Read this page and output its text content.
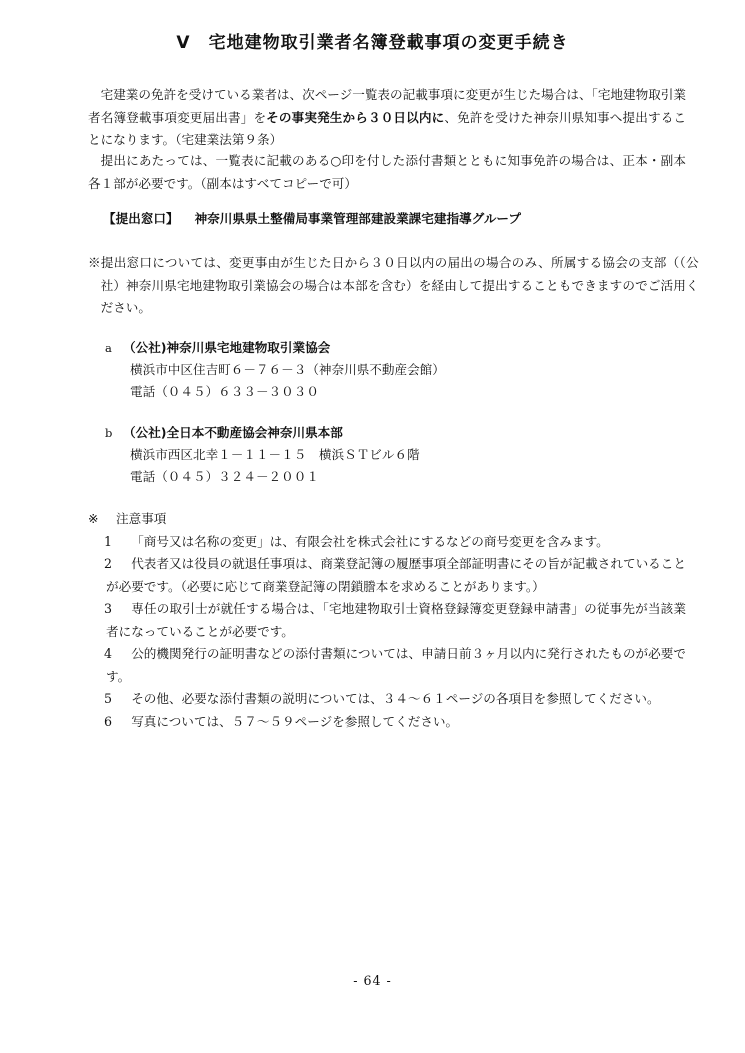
Ⅴ　宅地建物取引業者名簿登載事項の変更手続き

宅建業の免許を受けている業者は、次ページ一覧表の記載事項に変更が生じた場合は、「宅地建物取引業者名簿登載事項変更届出書」をその事実発生から３０日以内に、免許を受けた神奈川県知事へ提出することになります。（宅建業法第９条）

提出にあたっては、一覧表に記載のある○印を付した添付書類とともに知事免許の場合は、正本・副本各１部が必要です。（副本はすべてコピーで可）

【提出窓口】 神奈川県県土整備局事業管理部建設業課宅建指導グループ

※提出窓口については、変更事由が生じた日から３０日以内の届出の場合のみ、所属する協会の支部（（公社）神奈川県宅地建物取引業協会の場合は本部を含む）を経由して提出することもできますのでご活用ください。

a （公社)神奈川県宅地建物取引業協会
横浜市中区住吉町６－７６－３（神奈川県不動産会館）
電話（０４５）６３３－３０３０
b （公社)全日本不動産協会神奈川県本部
横浜市西区北幸１－１１－１５　横浜ＳＴビル６階
電話（０４５）３２４－２００１
※ 注意事項
1	「商号又は名称の変更」は、有限会社を株式会社にするなどの商号変更を含みます。
2	代表者又は役員の就退任事項は、商業登記簿の履歴事項全部証明書にその旨が記載されていることが必要です。（必要に応じて商業登記簿の閉鎖謄本を求めることがあります。）
3	専任の取引士が就任する場合は、「宅地建物取引士資格登録簿変更登録申請書」の従事先が当該業者になっていることが必要です。
4	公的機関発行の証明書などの添付書類については、申請日前３ヶ月以内に発行されたものが必要です。
5	その他、必要な添付書類の説明については、３４～６１ページの各項目を参照してください。
6	写真については、５７～５９ページを参照してください。
- 64 -
